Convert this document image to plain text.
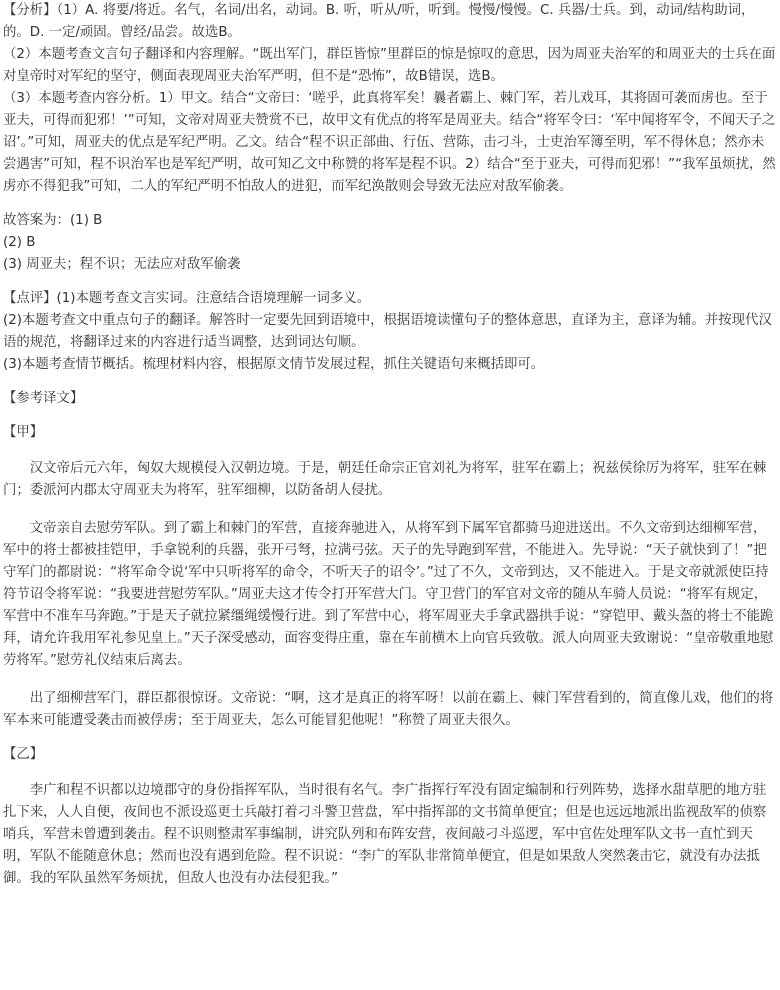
【分析】（1）A. 将要/将近。名气，名词/出名，动词。B. 听，听从/听，听到。慢慢/慢慢。C. 兵器/士兵。到，动词/结构助词，的。D. 一定/顽固。曾经/品尝。故选B。

（2）本题考查文言句子翻译和内容理解。“既出军门，群臣皆惊”里群臣的惊是惊叹的意思，因为周亚夫治军的和周亚夫的士兵在面对皇帝时对军纪的坚守，侧面表现周亚夫治军严明，但不是“恐怖”，故B错误，选B。

（3）本题考查内容分析。1）甲文。结合“文帝曰：‘嗟乎，此真将军矣！曩者霸上、棘门军，若儿戏耳，其将固可袭而虏也。至于亚夫，可得而犯邪！’”可知，文帝对周亚夫赞赏不已，故甲文有优点的将军是周亚夫。结合“将军令曰：‘军中闻将军令，不闻天子之诏’。”可知，周亚夫的优点是军纪严明。乙文。结合“程不识正部曲、行伍、营陈，击刁斗，士吏治军簿至明，军不得休息；然亦未尝遇害”可知，程不识治军也是军纪严明，故可知乙文中称赞的将军是程不识。2）结合“至于亚夫，可得而犯邪！”“我军虽烦扰，然虏亦不得犯我”可知，二人的军纪严明不怕敌人的进犯，而军纪涣散则会导致无法应对敌军偷袭。

故答案为：(1) B

(2) B

(3) 周亚夫；程不识；无法应对敌军偷袭

【点评】(1)本题考查文言实词。注意结合语境理解一词多义。

(2)本题考查文中重点句子的翻译。解答时一定要先回到语境中，根据语境读懂句子的整体意思，直译为主，意译为辅。并按现代汉语的规范，将翻译过来的内容进行适当调整，达到词达句顺。

(3)本题考查情节概括。梳理材料内容，根据原文情节发展过程，抓住关键语句来概括即可。

【参考译文】

【甲】

汉文帝后元六年，匈奴大规模侵入汉朝边境。于是，朝廷任命宗正官刘礼为将军，驻军在霸上；祝兹侯徐厉为将军，驻军在棘门；委派河内郡太守周亚夫为将军，驻军细柳，以防备胡人侵扰。

文帝亲自去慰劳军队。到了霸上和棘门的军营，直接奔驰进入，从将军到下属军官都骑马迎进送出。不久文帝到达细柳军营，军中的将士都被挂铠甲，手拿锐利的兵器，张开弓弩，拉满弓弦。天子的先导跑到军营，不能进入。先导说：“天子就快到了！”把守军门的都尉说：“将军命令说‘军中只听将军的命令，不听天子的诏令’。”过了不久，文帝到达，又不能进入。于是文帝就派使臣持符节诏令将军说：“我要进营慰劳军队。”周亚夫这才传令打开军营大门。守卫营门的军官对文帝的随从车骑人员说：“将军有规定，军营中不准车马奔跑。”于是天子就拉紧缰绳缓慢行进。到了军营中心，将军周亚夫手拿武器拱手说：“穿铠甲、戴头盔的将士不能跪拜，请允许我用军礼参见皇上。”天子深受感动，面容变得庄重，靠在车前横木上向官兵致敬。派人向周亚夫致谢说：“皇帝敬重地慰劳将军。”慰劳礼仪结束后离去。

出了细柳营军门，群臣都很惊讶。文帝说：“啊，这才是真正的将军呀！以前在霸上、棘门军营看到的，简直像儿戏，他们的将军本来可能遭受袭击而被俘虏；至于周亚夫，怎么可能冒犯他呢！”称赞了周亚夫很久。

【乙】

李广和程不识都以边境郡守的身份指挥军队，当时很有名气。李广指挥行军没有固定编制和行列阵势，选择水甜草肥的地方驻扎下来，人人自便，夜间也不派设巡更士兵敲打着刁斗警卫营盘，军中指挥部的文书简单便宜；但是也远远地派出监视敌军的侦察哨兵，军营未曾遭到袭击。程不识则整肃军事编制，讲究队列和布阵安营，夜间敲刁斗巡逻，军中官佐处理军队文书一直忙到天明，军队不能随意休息；然而也没有遇到危险。程不识说：“李广的军队非常简单便宜，但是如果敌人突然袭击它，就没有办法抵御。我的军队虽然军务烦扰，但敌人也没有办法侵犯我。”
